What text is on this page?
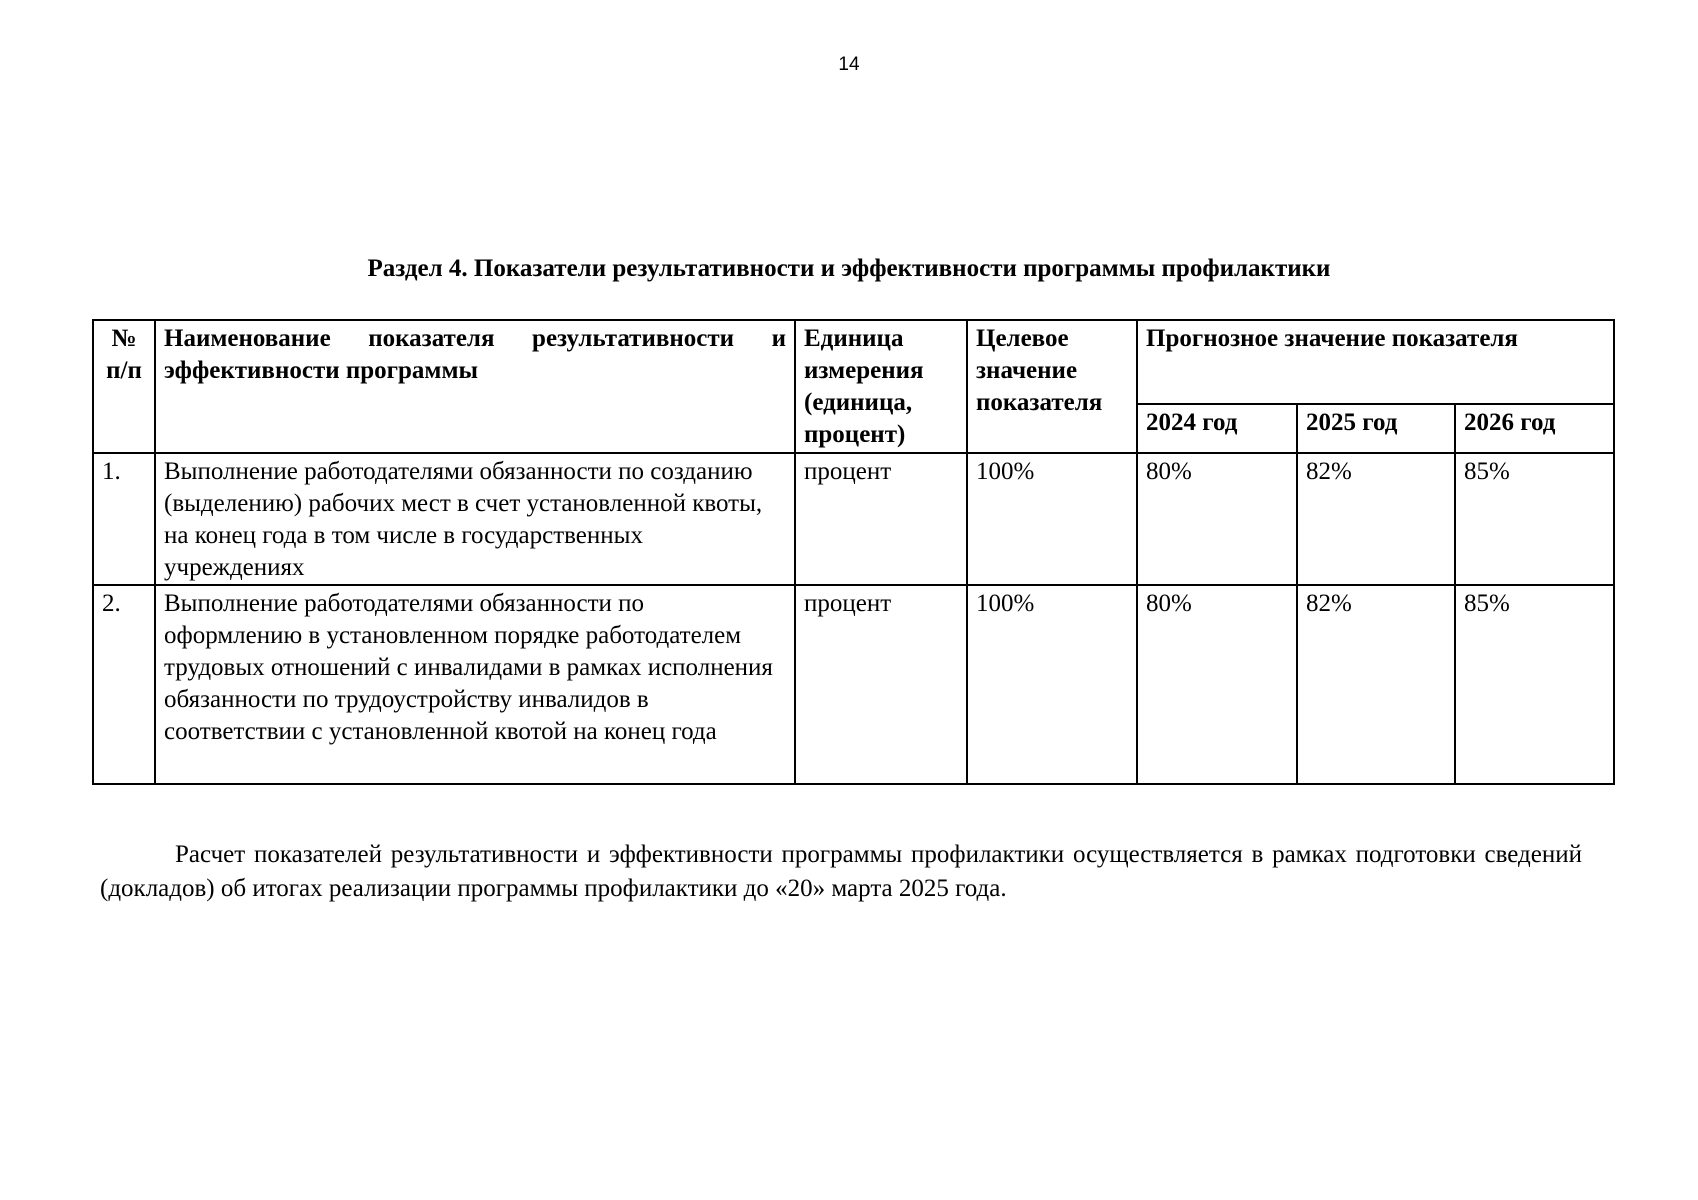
14
Раздел 4. Показатели результативности и эффективности программы профилактики
№ п/п	Наименование показателя результативности и эффективности программы	Единица измерения (единица, процент)	Целевое значение показателя	Прогнозное значение показателя		
				2024 год	2025 год	2026 год
1.	Выполнение работодателями обязанности по созданию (выделению) рабочих мест в счет установленной квоты, на конец года в том числе в государственных учреждениях	процент	100%	80%	82%	85%
2.	Выполнение работодателями обязанности по оформлению в установленном порядке работодателем трудовых отношений с инвалидами в рамках исполнения обязанности по трудоустройству инвалидов в соответствии с установленной квотой на конец года	процент	100%	80%	82%	85%

Расчет показателей результативности и эффективности программы профилактики осуществляется в рамках подготовки сведений (докладов) об итогах реализации программы профилактики до «20» марта 2025 года.
